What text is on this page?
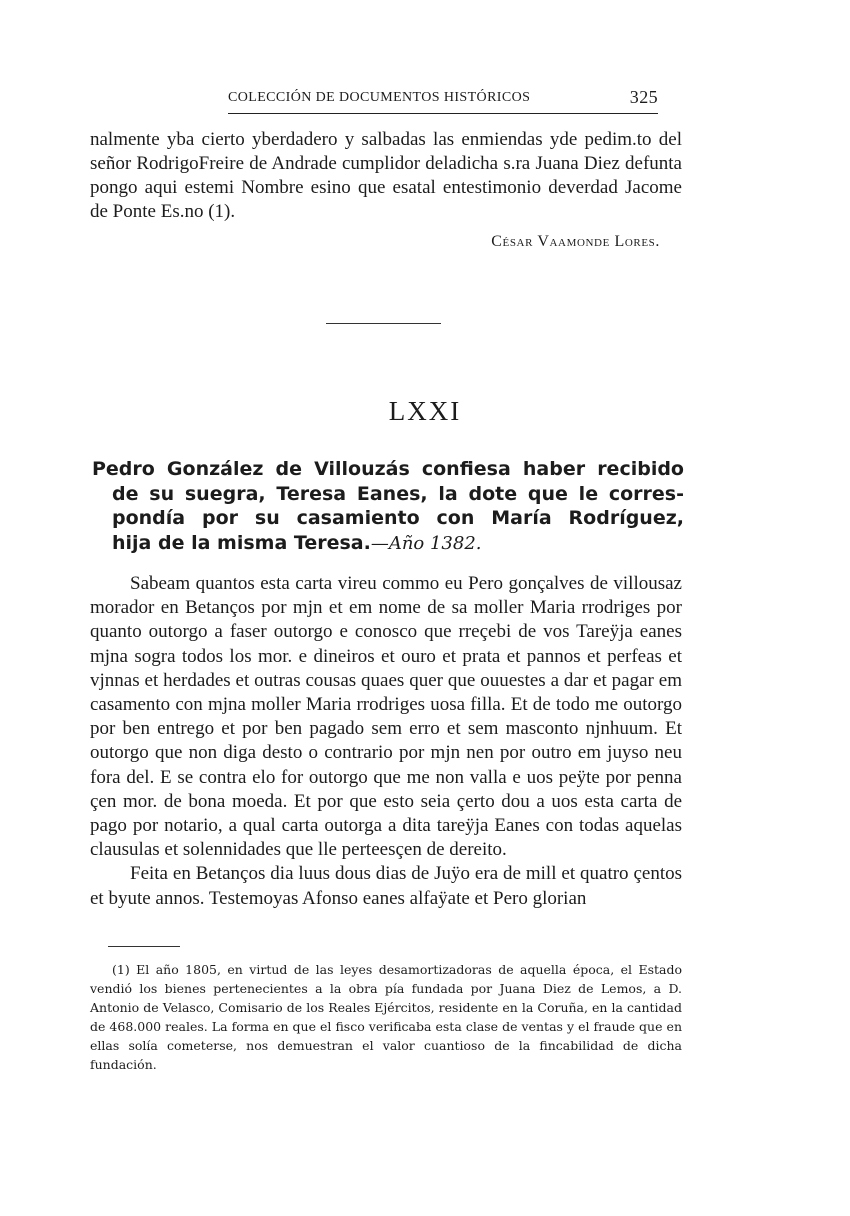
COLECCIÓN DE DOCUMENTOS HISTÓRICOS	325

nalmente yba cierto yberdadero y salbadas las enmiendas yde pedim.to del señor RodrigoFreire de Andrade cumplidor deladicha s.ra Juana Diez defunta pongo aqui estemi Nombre esino que esatal entestimonio deverdad Jacome de Ponte Es.no (1).

César Vaamonde Lores.
LXXI
Pedro González de Villouzás confiesa haber recibido
de su suegra, Teresa Eanes, la dote que le corres-
pondía por su casamiento con María Rodríguez,
hija de la misma Teresa.—Año 1382.

Sabeam quantos esta carta vireu commo eu Pero gonçalves de villousaz morador en Betanços por mjn et em nome de sa moller Maria rrodriges por quanto outorgo a faser outorgo e conosco que rreçebi de vos Tareÿja eanes mjna sogra todos los mor. e dineiros et ouro et prata et pannos et perfeas et vjnnas et herdades et outras cousas quaes quer que ouuestes a dar et pagar em casamento con mjna moller Maria rrodriges uosa filla. Et de todo me outorgo por ben entrego et por ben pagado sem erro et sem masconto njnhuum. Et outorgo que non diga desto o contrario por mjn nen por outro em juyso neu fora del. E se contra elo for outorgo que me non valla e uos peÿte por penna çen mor. de bona moeda. Et por que esto seia çerto dou a uos esta carta de pago por notario, a qual carta outorga a dita tareÿja Eanes con todas aquelas clausulas et solennidades que lle perteesçen de dereito.

Feita en Betanços dia luus dous dias de Juÿo era de mill et quatro çentos et byute annos. Testemoyas Afonso eanes alfaÿate et Pero glorian

(1) El año 1805, en virtud de las leyes desamortizadoras de aquella época, el Estado vendió los bienes pertenecientes a la obra pía fundada por Juana Diez de Lemos, a D. Antonio de Velasco, Comisario de los Reales Ejércitos, residente en la Coruña, en la cantidad de 468.000 reales. La forma en que el fisco verificaba esta clase de ventas y el fraude que en ellas solía cometerse, nos demuestran el valor cuantioso de la fincabilidad de dicha fundación.
